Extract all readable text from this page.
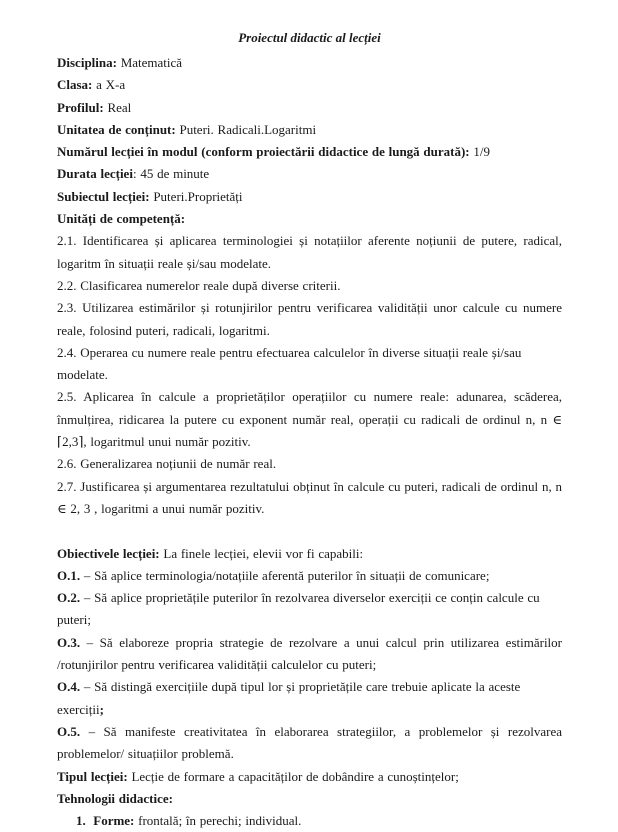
Proiectul didactic al lecției

Disciplina: Matematică

Clasa: a X-a

Profilul: Real

Unitatea de conținut: Puteri. Radicali.Logaritmi

Numărul lecției în modul (conform proiectării didactice de lungă durată): 1/9

Durata lecției: 45 de minute

Subiectul lecției: Puteri.Proprietăți

Unități de competență:

2.1. Identificarea și aplicarea terminologiei și notațiilor aferente noțiunii de putere, radical, logaritm în situații reale și/sau modelate.

2.2. Clasificarea numerelor reale după diverse criterii.

2.3. Utilizarea estimărilor și rotunjirilor pentru verificarea validității unor calcule cu numere reale, folosind puteri, radicali, logaritmi.

2.4. Operarea cu numere reale pentru efectuarea calculelor în diverse situații reale și/sau modelate.

2.5. Aplicarea în calcule a proprietăților operațiilor cu numere reale: adunarea, scăderea, înmulțirea, ridicarea la putere cu exponent număr real, operații cu radicali de ordinul n, n ∈ ⌈2,3⌉, logaritmul unui număr pozitiv.

2.6. Generalizarea noțiunii de număr real.

2.7. Justificarea și argumentarea rezultatului obținut în calcule cu puteri, radicali de ordinul n, n ∈ 2, 3 , logaritmi a unui număr pozitiv.

Obiectivele lecției: La finele lecției, elevii vor fi capabili:

O.1. – Să aplice terminologia/notațiile aferentă puterilor în situații de comunicare;

O.2. – Să aplice proprietățile puterilor în rezolvarea diverselor exerciții ce conțin calcule cu puteri;

O.3. – Să elaboreze propria strategie de rezolvare a unui calcul prin utilizarea estimărilor /rotunjirilor pentru verificarea validității calculelor cu puteri;

O.4. – Să distingă exercițiile după tipul lor și proprietățile care trebuie aplicate la aceste exerciții;

O.5. – Să manifeste creativitatea în elaborarea strategiilor, a problemelor și rezolvarea problemelor/ situațiilor problemă.

Tipul lecției: Lecție de formare a capacităților de dobândire a cunoștințelor;

Tehnologii didactice:

1. Forme: frontală; în perechi; individual.
